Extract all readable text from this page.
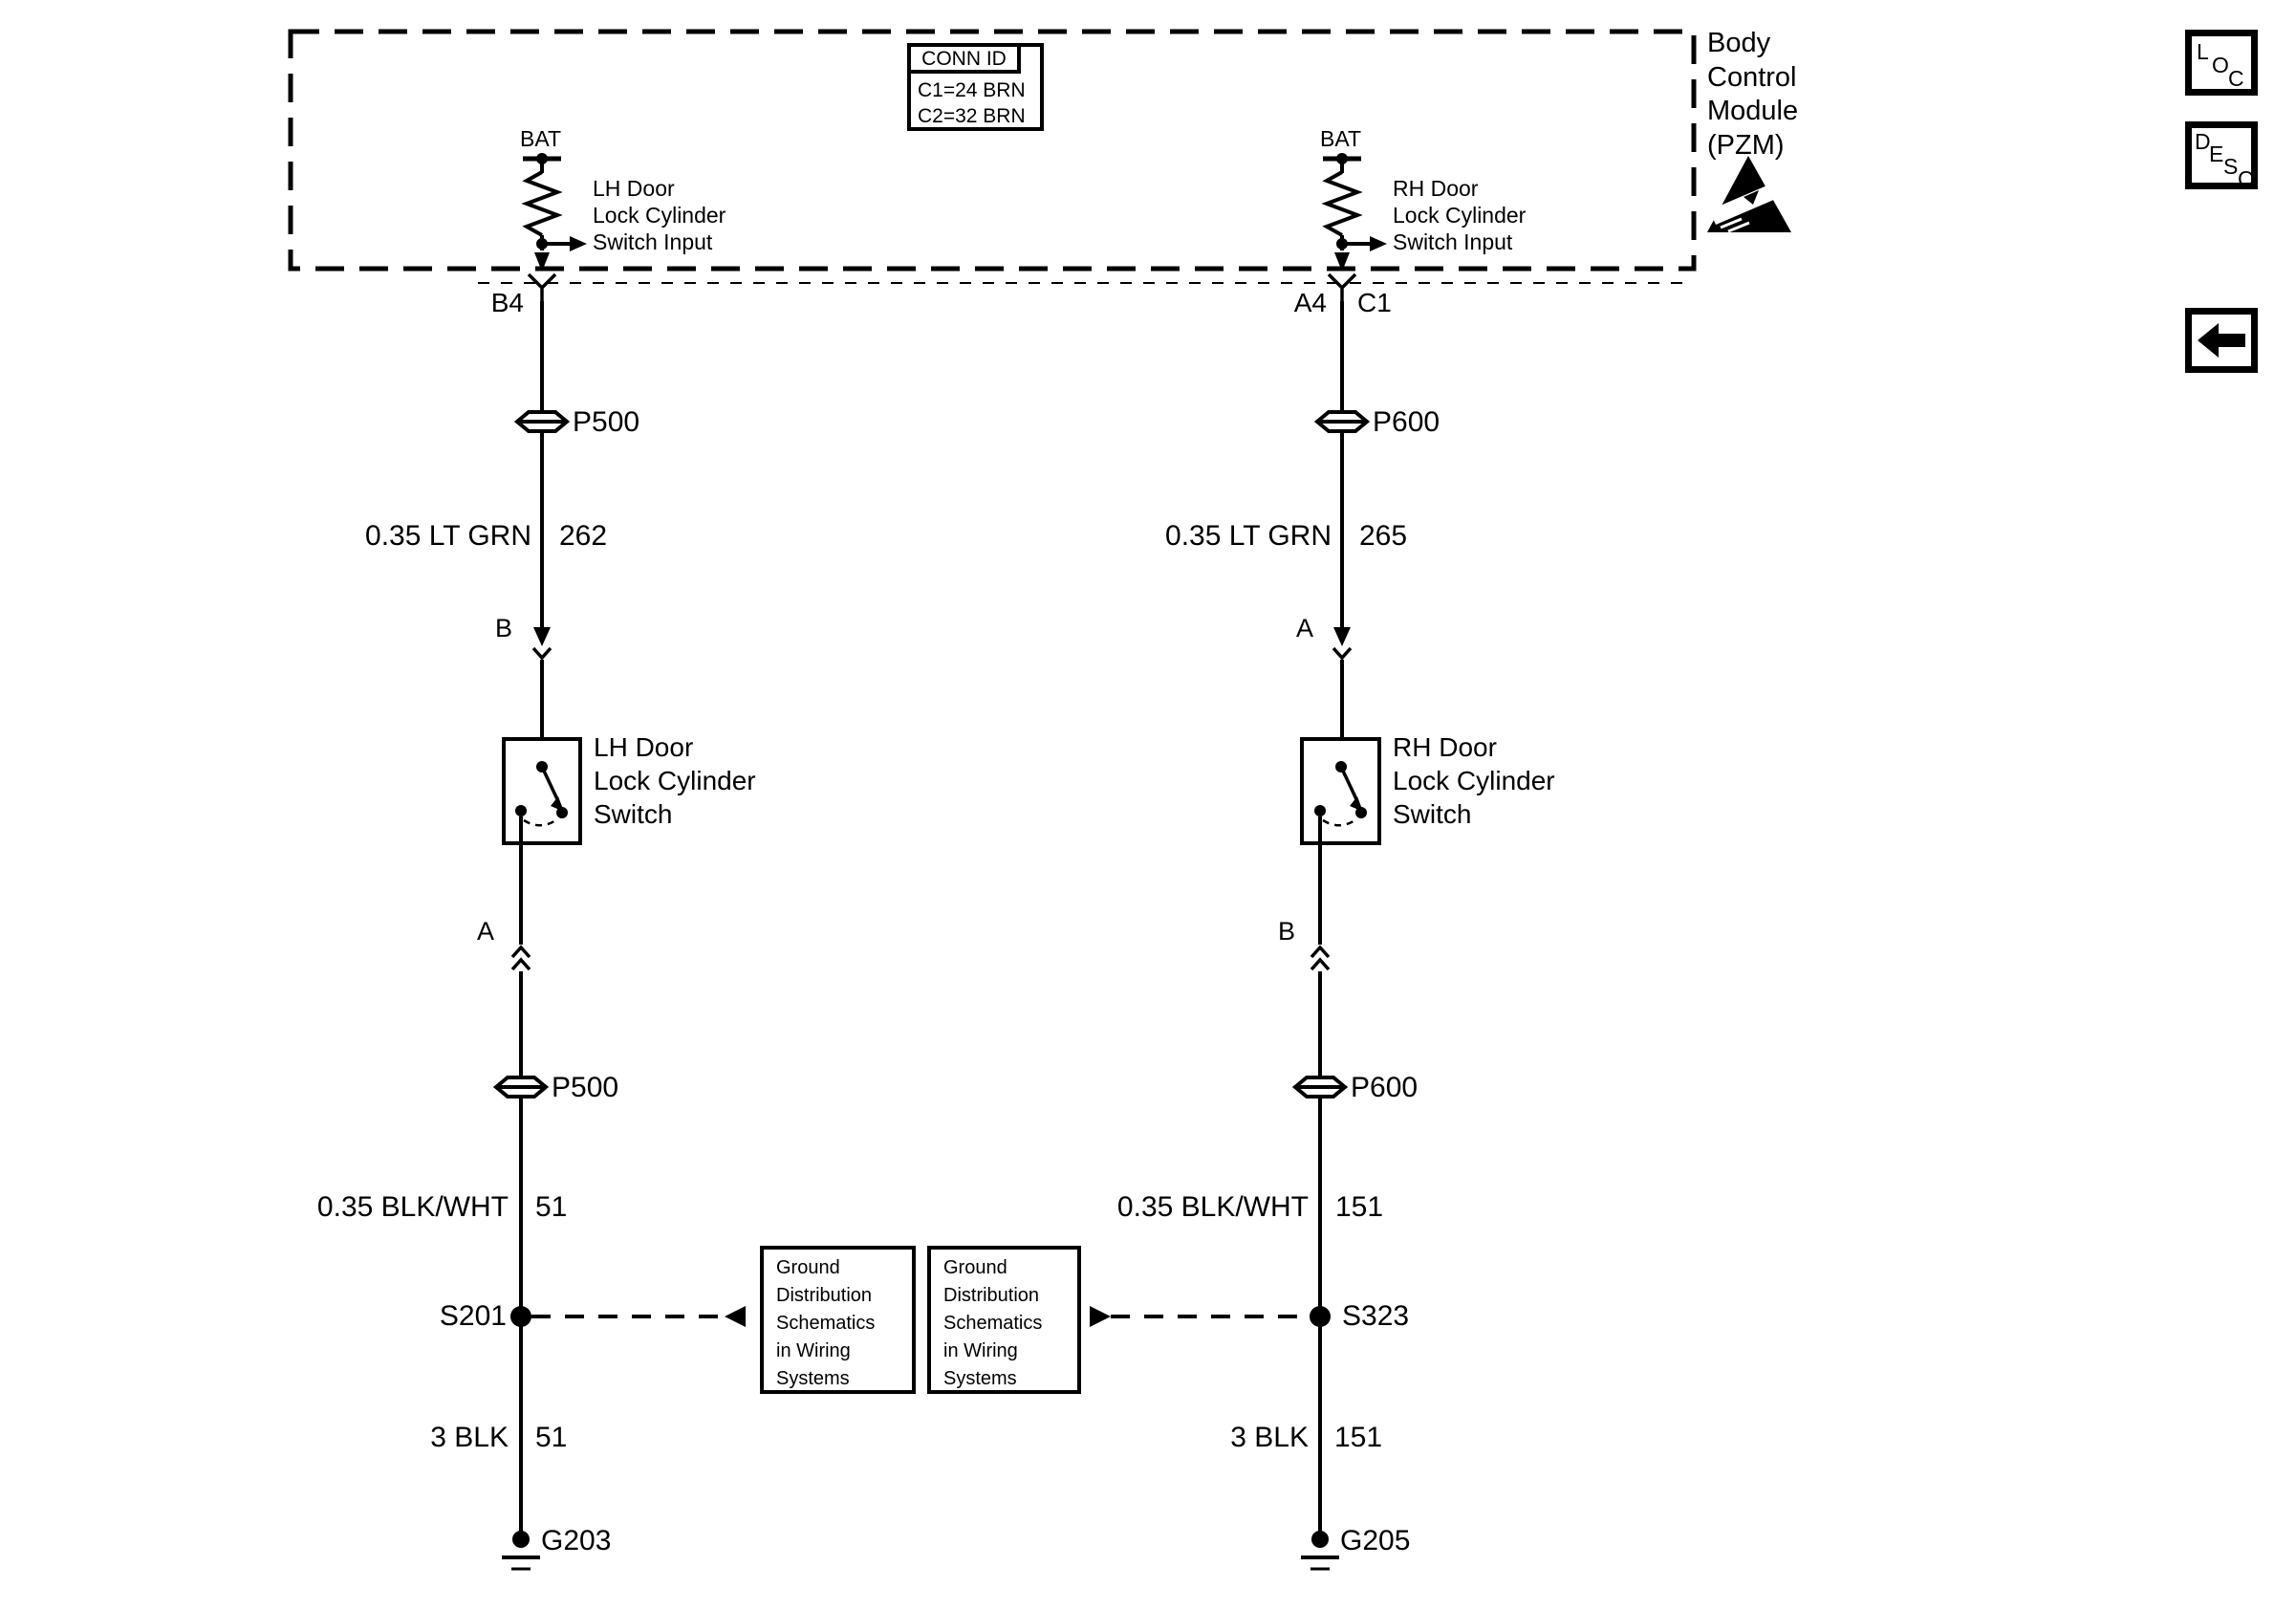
CONN ID
C1=24 BRN
C2=32 BRN
Body
Control
Module
(PZM)
BAT
LH Door
Lock Cylinder
Switch Input
B4
P500
0.35 LT GRN 262
B
LH Door
Lock Cylinder
Switch
A
P500
0.35 BLK/WHT 51
S201
3 BLK 51
G203
BAT
RH Door
Lock Cylinder
Switch Input
A4 C1
P600
0.35 LT GRN 265
A
RH Door
Lock Cylinder
Switch
B
P600
0.35 BLK/WHT 151
S323
3 BLK 151
G205
Ground
Distribution
Schematics
in Wiring
Systems
Ground
Distribution
Schematics
in Wiring
Systems
L
O
C
D
E S C
